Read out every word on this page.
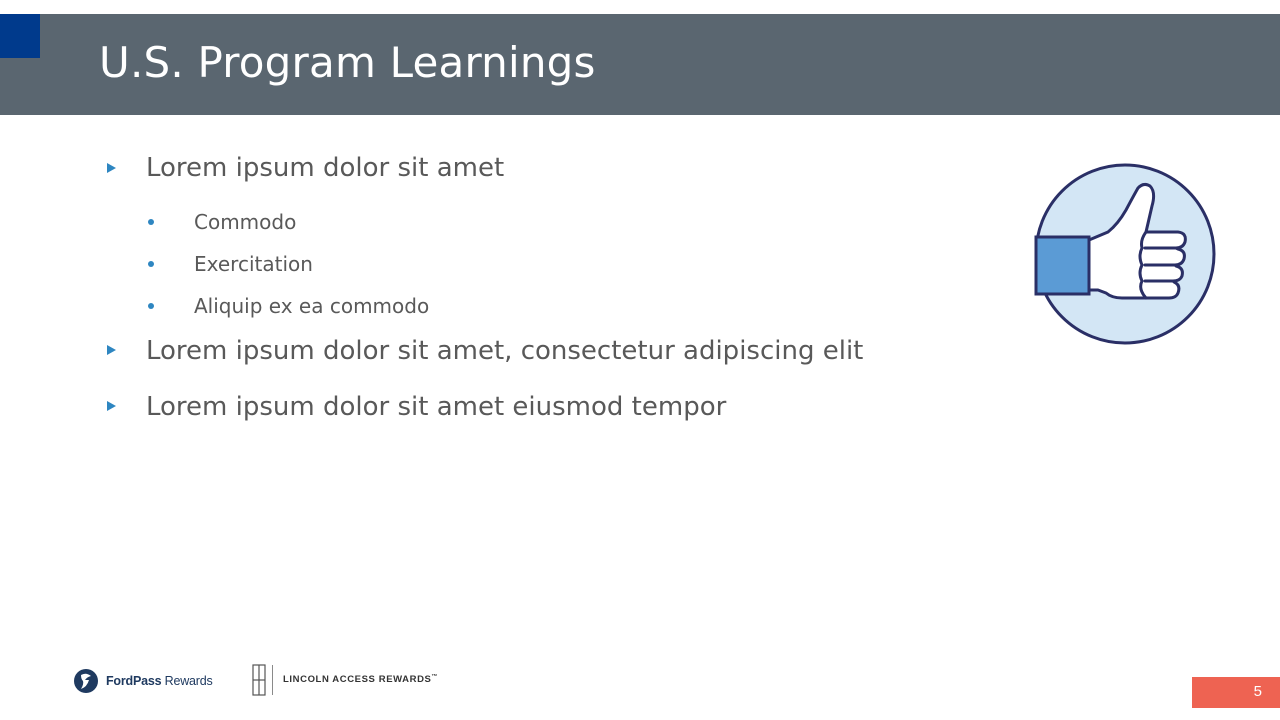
U.S. Program Learnings
Lorem ipsum dolor sit amet
Commodo
Exercitation
Aliquip ex ea commodo
Lorem ipsum dolor sit amet, consectetur adipiscing elit
Lorem ipsum dolor sit amet eiusmod tempor
FordPass Rewards	LINCOLN ACCESS REWARDS™
5
